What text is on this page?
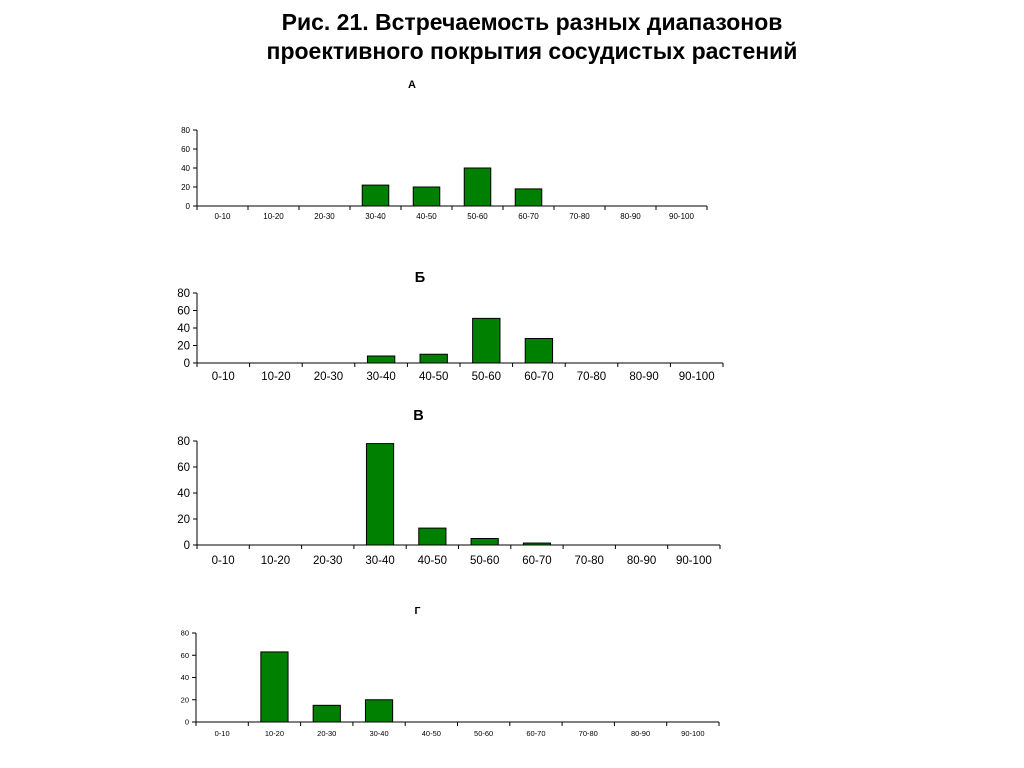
Рис. 21. Встречаемость разных диапазонов
проективного покрытия сосудистых растений
А
0
20
40
60
80
0-10	10-20	20-30	30-40	40-50	50-60	60-70	70-80	80-90	90-100
Б
0
20
40
60
80
0-10 10-20 20-30 30-40 40-50 50-60 60-70 70-80 80-90 90-100
В
0
20
40
60
80
0-10 10-20 20-30 30-40 40-50 50-60 60-70 70-80 80-90 90-100
Г
0
20
40
60
80
0-10	10-20	20-30	30-40	40-50	50-60	60-70	70-80	80-90	90-100
